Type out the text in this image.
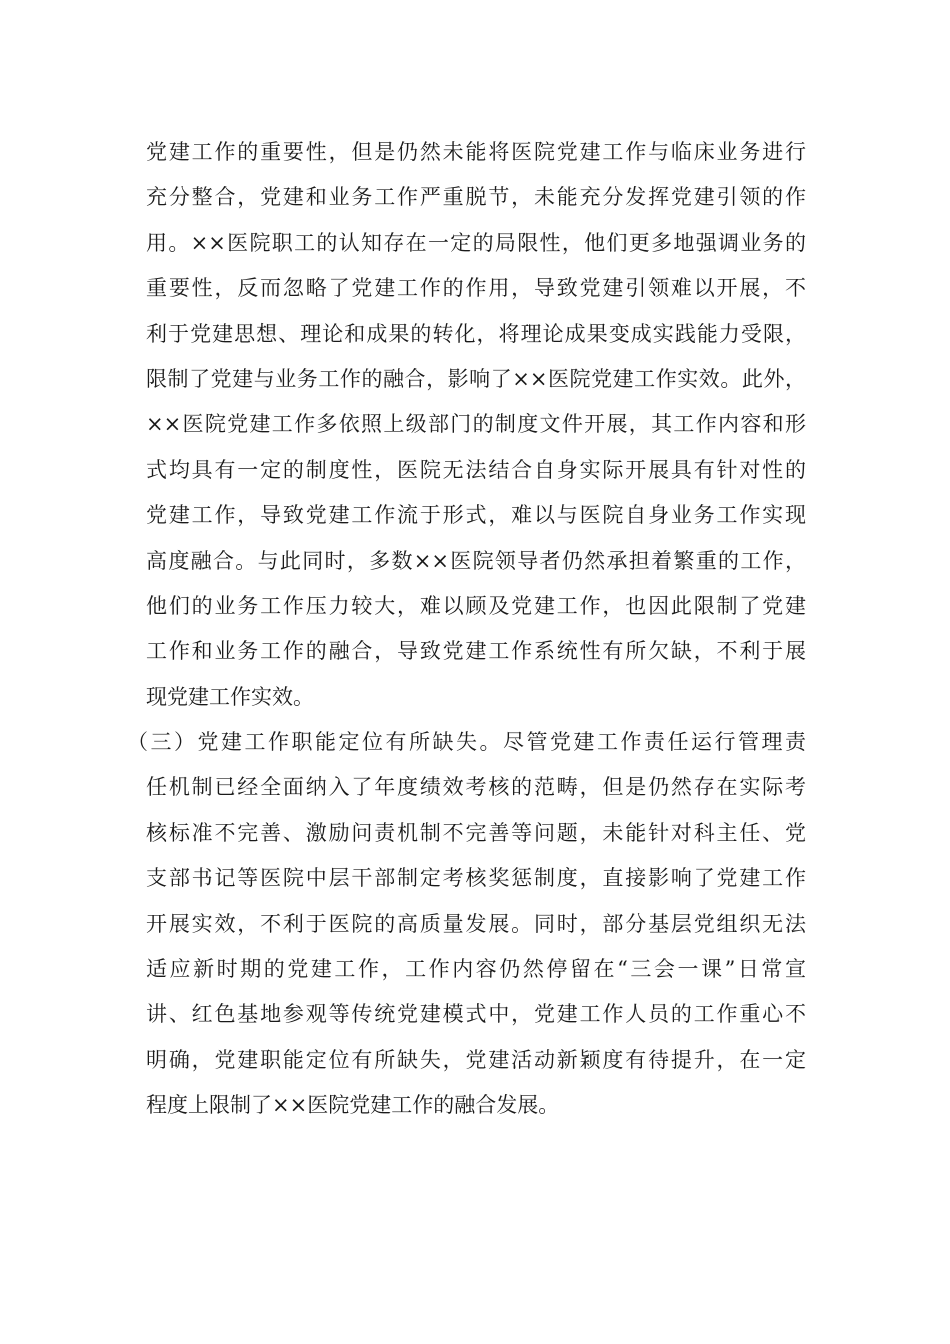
党建工作的重要性，但是仍然未能将医院党建工作与临床业务进行
充分整合，党建和业务工作严重脱节，未能充分发挥党建引领的作
用。××医院职工的认知存在一定的局限性，他们更多地强调业务的
重要性，反而忽略了党建工作的作用，导致党建引领难以开展，不
利于党建思想、理论和成果的转化，将理论成果变成实践能力受限，
限制了党建与业务工作的融合，影响了××医院党建工作实效。此外，
××医院党建工作多依照上级部门的制度文件开展，其工作内容和形
式均具有一定的制度性，医院无法结合自身实际开展具有针对性的
党建工作，导致党建工作流于形式，难以与医院自身业务工作实现
高度融合。与此同时，多数××医院领导者仍然承担着繁重的工作，
他们的业务工作压力较大，难以顾及党建工作，也因此限制了党建
工作和业务工作的融合，导致党建工作系统性有所欠缺，不利于展
现党建工作实效。
（三）党建工作职能定位有所缺失。尽管党建工作责任运行管理责
任机制已经全面纳入了年度绩效考核的范畴，但是仍然存在实际考
核标准不完善、激励问责机制不完善等问题，未能针对科主任、党
支部书记等医院中层干部制定考核奖惩制度，直接影响了党建工作
开展实效，不利于医院的高质量发展。同时，部分基层党组织无法
适应新时期的党建工作，工作内容仍然停留在“三会一课”日常宣
讲、红色基地参观等传统党建模式中，党建工作人员的工作重心不
明确，党建职能定位有所缺失，党建活动新颖度有待提升，在一定
程度上限制了××医院党建工作的融合发展。
